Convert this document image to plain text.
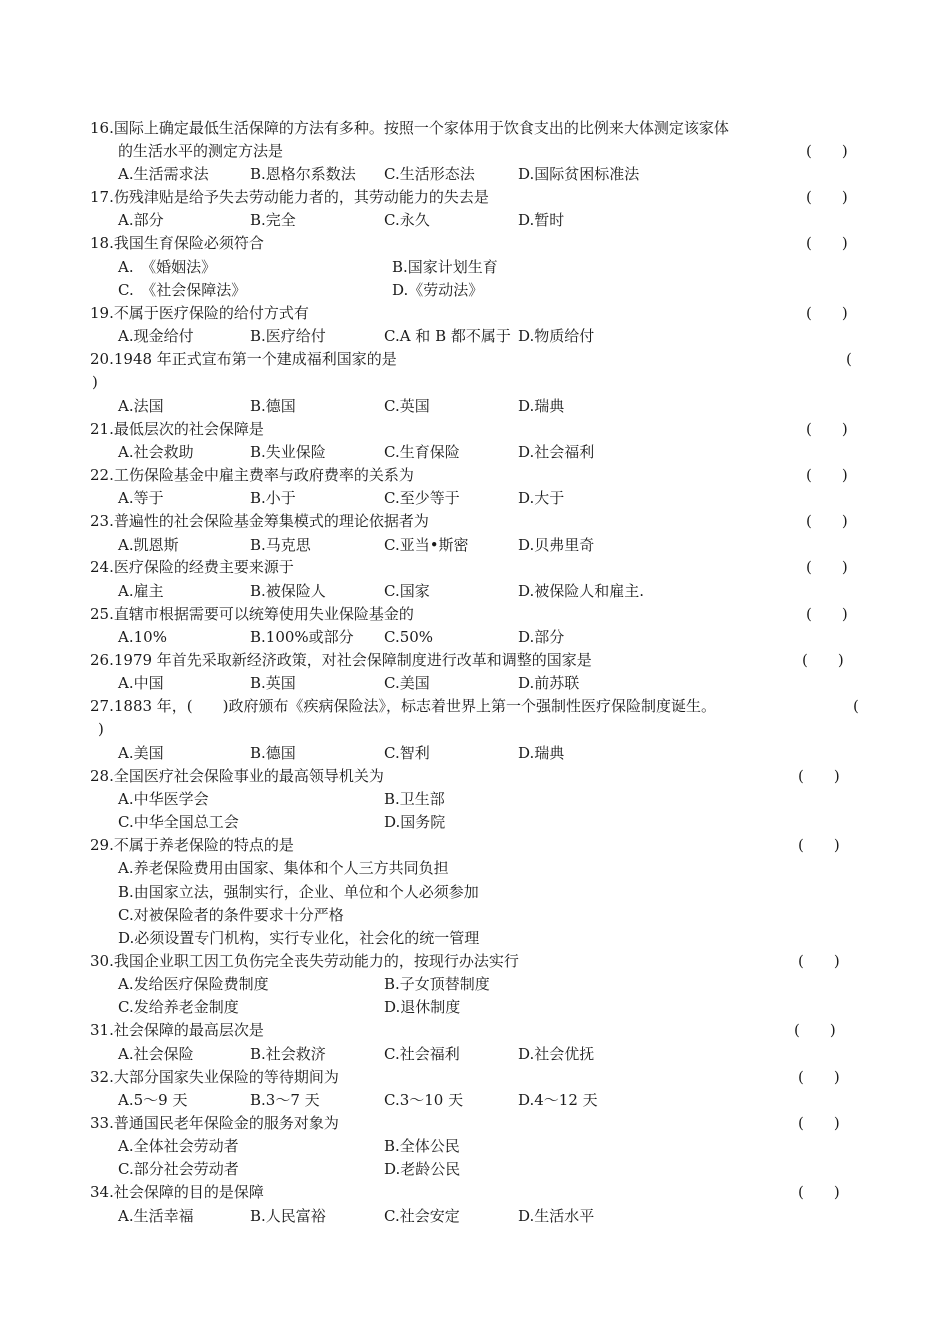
16.国际上确定最低生活保障的方法有多种。按照一个家体用于饮食支出的比例来大体测定该家体
的生活水平的测定方法是	(　　)
A.生活需求法	B.恩格尔系数法 C.生活形态法	D.国际贫困标准法
17.伤残津贴是给予失去劳动能力者的，其劳动能力的失去是	(　　)
A.部分	B.完全	C.永久	D.暂时
18.我国生育保险必须符合	(　　)
A.　《婚姻法》	B.国家计划生育
C.　《社会保障法》	D.《劳动法》
19.不属于医疗保险的给付方式有	(　　)
A.现金给付	B.医疗给付	C.A 和 B 都不属于 D.物质给付
20.1948 年正式宣布第一个建成福利国家的是	(
)
A.法国	B.德国	C.英国	D.瑞典
21.最低层次的社会保障是	(　　)
A.社会救助	B.失业保险	C.生育保险	D.社会福利
22.工伤保险基金中雇主费率与政府费率的关系为	(　　)
A.等于	B.小于	C.至少等于	D.大于
23.普遍性的社会保险基金筹集模式的理论依据者为	(　　)
A.凯恩斯	B.马克思	C.亚当•斯密	D.贝弗里奇
24.医疗保险的经费主要来源于	(　　)
A.雇主	B.被保险人	C.国家	D.被保险人和雇主.
25.直辖市根据需要可以统筹使用失业保险基金的	(　　)
A.10%	B.100%或部分 C.50%	D.部分
26.1979 年首先采取新经济政策，对社会保障制度进行改革和调整的国家是	(　　)
A.中国	B.英国	C.美国	D.前苏联
27.1883 年，(　　)政府颁布《疾病保险法》，标志着世界上第一个强制性医疗保险制度诞生。	(
)
A.美国	B.德国	C.智利	D.瑞典
28.全国医疗社会保险事业的最高领导机关为	(　　)
A.中华医学会	B.卫生部
C.中华全国总工会	D.国务院
29.不属于养老保险的特点的是	(　　)
A.养老保险费用由国家、集体和个人三方共同负担
B.由国家立法，强制实行，企业、单位和个人必须参加
C.对被保险者的条件要求十分严格
D.必须设置专门机构，实行专业化，社会化的统一管理
30.我国企业职工因工负伤完全丧失劳动能力的，按现行办法实行	(　　)
A.发给医疗保险费制度	B.子女顶替制度
C.发给养老金制度	D.退休制度
31.社会保障的最高层次是	(　　)
A.社会保险	B.社会救济	C.社会福利	D.社会优抚
32.大部分国家失业保险的等待期间为	(　　)
A.5～9 天	B.3～7 天	C.3～10 天	D.4～12 天
33.普通国民老年保险金的服务对象为	(　　)
A.全体社会劳动者	B.全体公民
C.部分社会劳动者	D.老龄公民
34.社会保障的目的是保障	(　　)
A.生活幸福	B.人民富裕	C.社会安定	D.生活水平
